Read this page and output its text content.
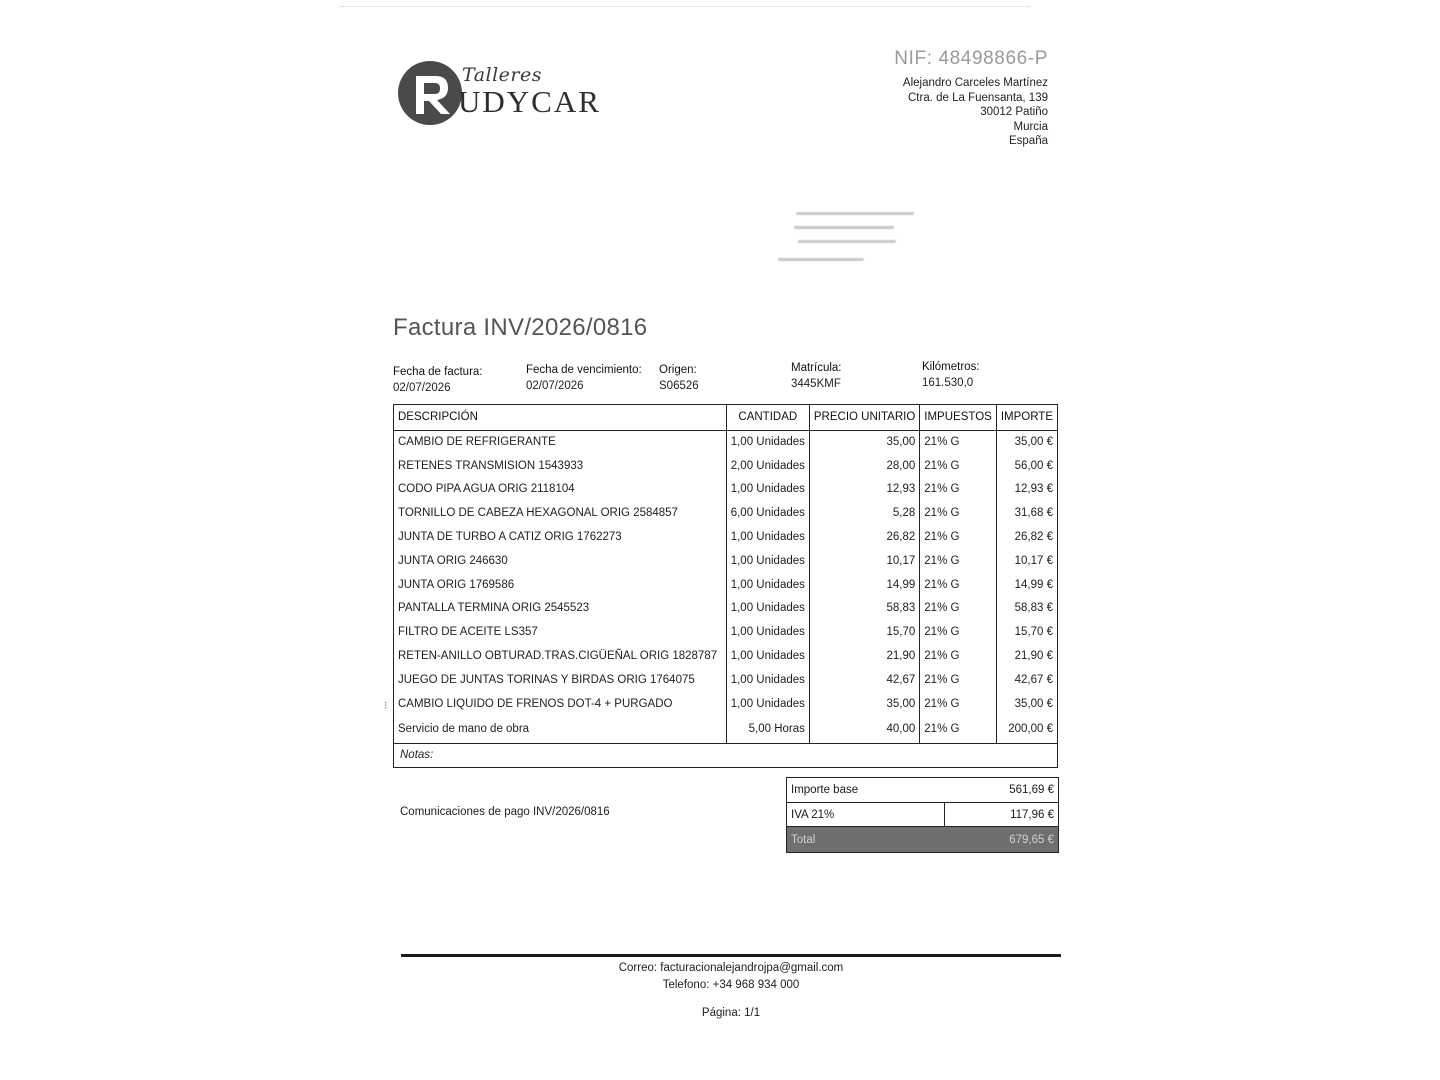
Talleres
UDYCAR
NIF: 48498866-P
Alejandro Carceles Martínez
Ctra. de La Fuensanta, 139
30012 Patiño
Murcia
España
Factura INV/2026/0816
Fecha de factura:
02/07/2026
Fecha de vencimiento:
02/07/2026
Origen:
S06526
Matrícula:
3445KMF
Kilómetros:
161.530,0
DESCRIPCIÓN	CANTIDAD	PRECIO UNITARIO	IMPUESTOS	IMPORTE
CAMBIO DE REFRIGERANTE	1,00 Unidades	35,00	21% G	35,00 €
RETENES TRANSMISION 1543933	2,00 Unidades	28,00	21% G	56,00 €
CODO PIPA AGUA ORIG 2118104	1,00 Unidades	12,93	21% G	12,93 €
TORNILLO DE CABEZA HEXAGONAL ORIG 2584857	6,00 Unidades	5,28	21% G	31,68 €
JUNTA DE TURBO A CATIZ ORIG 1762273	1,00 Unidades	26,82	21% G	26,82 €
JUNTA ORIG 246630	1,00 Unidades	10,17	21% G	10,17 €
JUNTA ORIG 1769586	1,00 Unidades	14,99	21% G	14,99 €
PANTALLA TERMINA ORIG 2545523	1,00 Unidades	58,83	21% G	58,83 €
FILTRO DE ACEITE LS357	1,00 Unidades	15,70	21% G	15,70 €
RETEN-ANILLO OBTURAD.TRAS.CIGÜEÑAL ORIG 1828787	1,00 Unidades	21,90	21% G	21,90 €
JUEGO DE JUNTAS TORINAS Y BIRDAS ORIG 1764075	1,00 Unidades	42,67	21% G	42,67 €
CAMBIO LIQUIDO DE FRENOS DOT-4 + PURGADO	1,00 Unidades	35,00	21% G	35,00 €
Servicio de mano de obra	5,00 Horas	40,00	21% G	200,00 €
Notas:
⁝
Comunicaciones de pago INV/2026/0816
Importe base	561,69 €
IVA 21%	117,96 €
Total	679,65 €
Correo: facturacionalejandrojpa@gmail.com
Telefono: +34 968 934 000
Página: 1/1
